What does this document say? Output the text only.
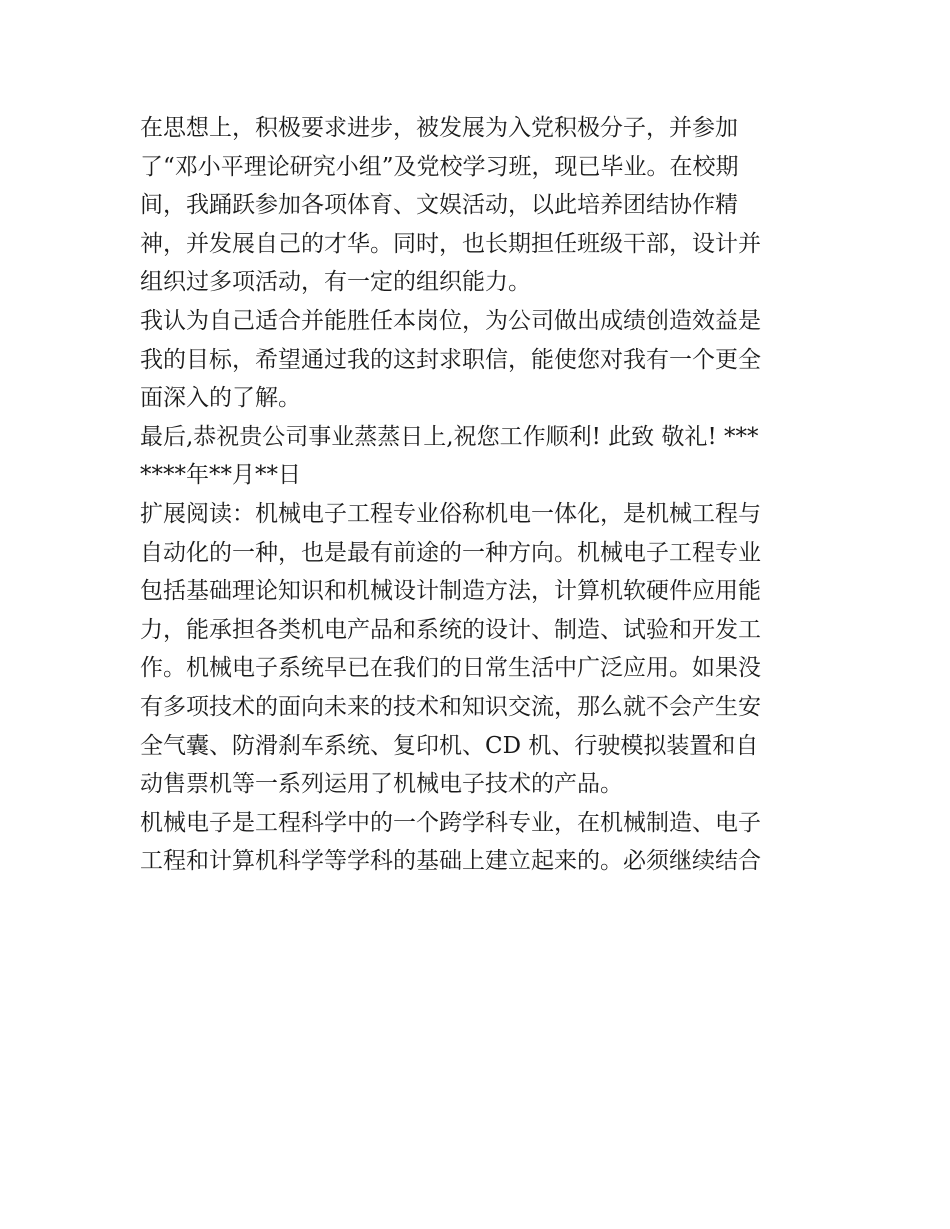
在思想上，积极要求进步，被发展为入党积极分子，并参加
了“邓小平理论研究小组”及党校学习班，现已毕业。在校期
间，我踊跃参加各项体育、文娱活动，以此培养团结协作精
神，并发展自己的才华。同时，也长期担任班级干部，设计并
组织过多项活动，有一定的组织能力。
我认为自己适合并能胜任本岗位，为公司做出成绩创造效益是
我的目标，希望通过我的这封求职信，能使您对我有一个更全
面深入的了解。
最后,恭祝贵公司事业蒸蒸日上,祝您工作顺利! 此致 敬礼! ***
****年**月**日
扩展阅读：机械电子工程专业俗称机电一体化，是机械工程与
自动化的一种，也是最有前途的一种方向。机械电子工程专业
包括基础理论知识和机械设计制造方法，计算机软硬件应用能
力，能承担各类机电产品和系统的设计、制造、试验和开发工
作。机械电子系统早已在我们的日常生活中广泛应用。如果没
有多项技术的面向未来的技术和知识交流，那么就不会产生安
全气囊、防滑刹车系统、复印机、CD 机、行驶模拟装置和自
动售票机等一系列运用了机械电子技术的产品。
机械电子是工程科学中的一个跨学科专业，在机械制造、电子
工程和计算机科学等学科的基础上建立起来的。必须继续结合
